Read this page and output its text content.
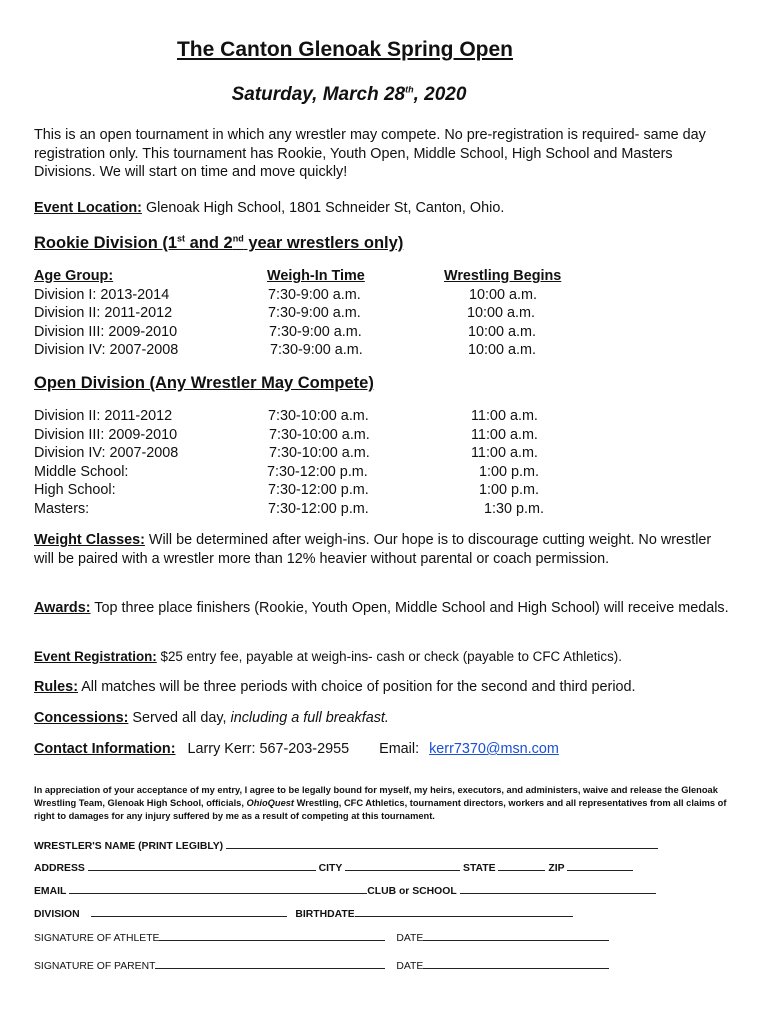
The Canton Glenoak Spring Open
Saturday, March 28th, 2020
This is an open tournament in which any wrestler may compete. No pre-registration is required- same day registration only. This tournament has Rookie, Youth Open, Middle School, High School and Masters Divisions. We will start on time and move quickly!
Event Location: Glenoak High School, 1801 Schneider St, Canton, Ohio.
Rookie Division (1st and 2nd year wrestlers only)
Age Group:	Weigh-In Time	Wrestling Begins
Division I: 2013-2014	7:30-9:00 a.m.	10:00 a.m.
Division II: 2011-2012	7:30-9:00 a.m.	10:00 a.m.
Division III: 2009-2010	7:30-9:00 a.m.	10:00 a.m.
Division IV: 2007-2008	7:30-9:00 a.m.	10:00 a.m.
Open Division (Any Wrestler May Compete)
Division II: 2011-2012	7:30-10:00 a.m.	11:00 a.m.
Division III: 2009-2010	7:30-10:00 a.m.	11:00 a.m.
Division IV: 2007-2008	7:30-10:00 a.m.	11:00 a.m.
Middle School:	7:30-12:00 p.m.	1:00 p.m.
High School:	7:30-12:00 p.m.	1:00 p.m.
Masters:	7:30-12:00 p.m.	1:30 p.m.
Weight Classes: Will be determined after weigh-ins. Our hope is to discourage cutting weight. No wrestler will be paired with a wrestler more than 12% heavier without parental or coach permission.
Awards: Top three place finishers (Rookie, Youth Open, Middle School and High School) will receive medals.
Event Registration: $25 entry fee, payable at weigh-ins- cash or check (payable to CFC Athletics).
Rules: All matches will be three periods with choice of position for the second and third period.
Concessions: Served all day, including a full breakfast.
Contact Information: Larry Kerr: 567-203-2955 Email: kerr7370@msn.com
In appreciation of your acceptance of my entry, I agree to be legally bound for myself, my heirs, executors, and administers, waive and release the Glenoak Wrestling Team, Glenoak High School, officials, OhioQuest Wrestling, CFC Athletics, tournament directors, workers and all representatives from all claims of right to damages for any injury suffered by me as a result of competing at this tournament.
WRESTLER'S NAME (PRINT LEGIBLY)
ADDRESS	CITY	STATE	ZIP
EMAIL	CLUB or SCHOOL
DIVISION	BIRTHDATE
SIGNATURE OF ATHLETE	DATE
SIGNATURE OF PARENT	DATE
